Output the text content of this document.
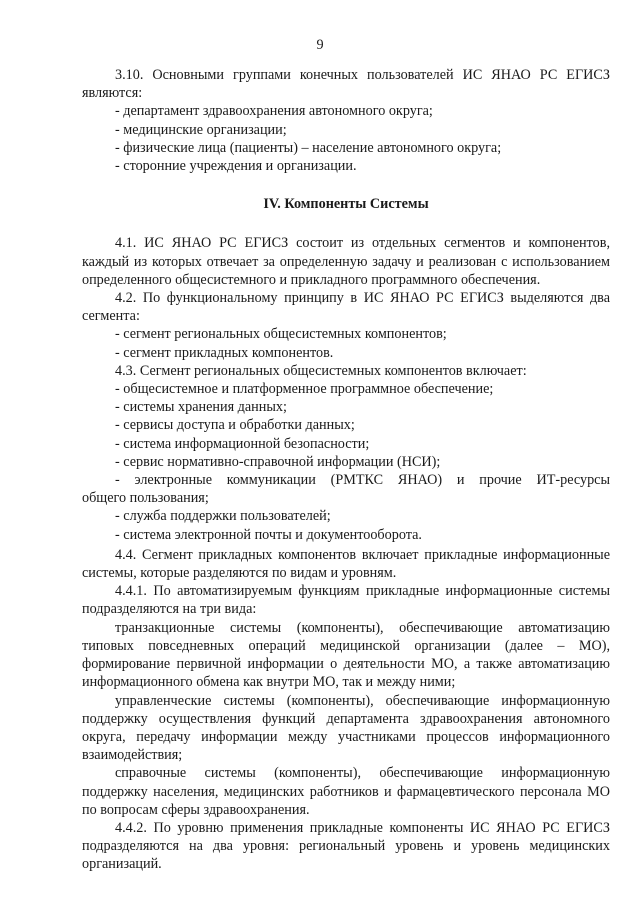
9

3.10. Основными группами конечных пользователей ИС ЯНАО РС ЕГИСЗ являются:

- департамент здравоохранения автономного округа;

- медицинские организации;

- физические лица (пациенты) – население автономного округа;

- сторонние учреждения и организации.

IV. Компоненты Системы

4.1. ИС ЯНАО РС ЕГИСЗ состоит из отдельных сегментов и компонентов, каждый из которых отвечает за определенную задачу и реализован с использованием определенного общесистемного и прикладного программного обеспечения.

4.2. По функциональному принципу в ИС ЯНАО РС ЕГИСЗ выделяются два сегмента:

- сегмент региональных общесистемных компонентов;

- сегмент прикладных компонентов.

4.3. Сегмент региональных общесистемных компонентов включает:

- общесистемное и платформенное программное обеспечение;

- системы хранения данных;

- сервисы доступа и обработки данных;

- система информационной безопасности;

- сервис нормативно-справочной информации (НСИ);

- электронные коммуникации (РМТКС ЯНАО) и прочие ИТ-ресурсы

общего пользования;

- служба поддержки пользователей;

- система электронной почты и документооборота.

4.4. Сегмент прикладных компонентов включает прикладные информационные системы, которые разделяются по видам и уровням.

4.4.1. По автоматизируемым функциям прикладные информационные системы подразделяются на три вида:

транзакционные системы (компоненты), обеспечивающие автоматизацию типовых повседневных операций медицинской организации (далее – МО), формирование первичной информации о деятельности МО, а также автоматизацию информационного обмена как внутри МО, так и между ними;

управленческие системы (компоненты), обеспечивающие информационную поддержку осуществления функций департамента здравоохранения автономного округа, передачу информации между участниками процессов информационного взаимодействия;

справочные системы (компоненты), обеспечивающие информационную поддержку населения, медицинских работников и фармацевтического персонала МО по вопросам сферы здравоохранения.

4.4.2. По уровню применения прикладные компоненты ИС ЯНАО РС ЕГИСЗ подразделяются на два уровня: региональный уровень и уровень медицинских организаций.
